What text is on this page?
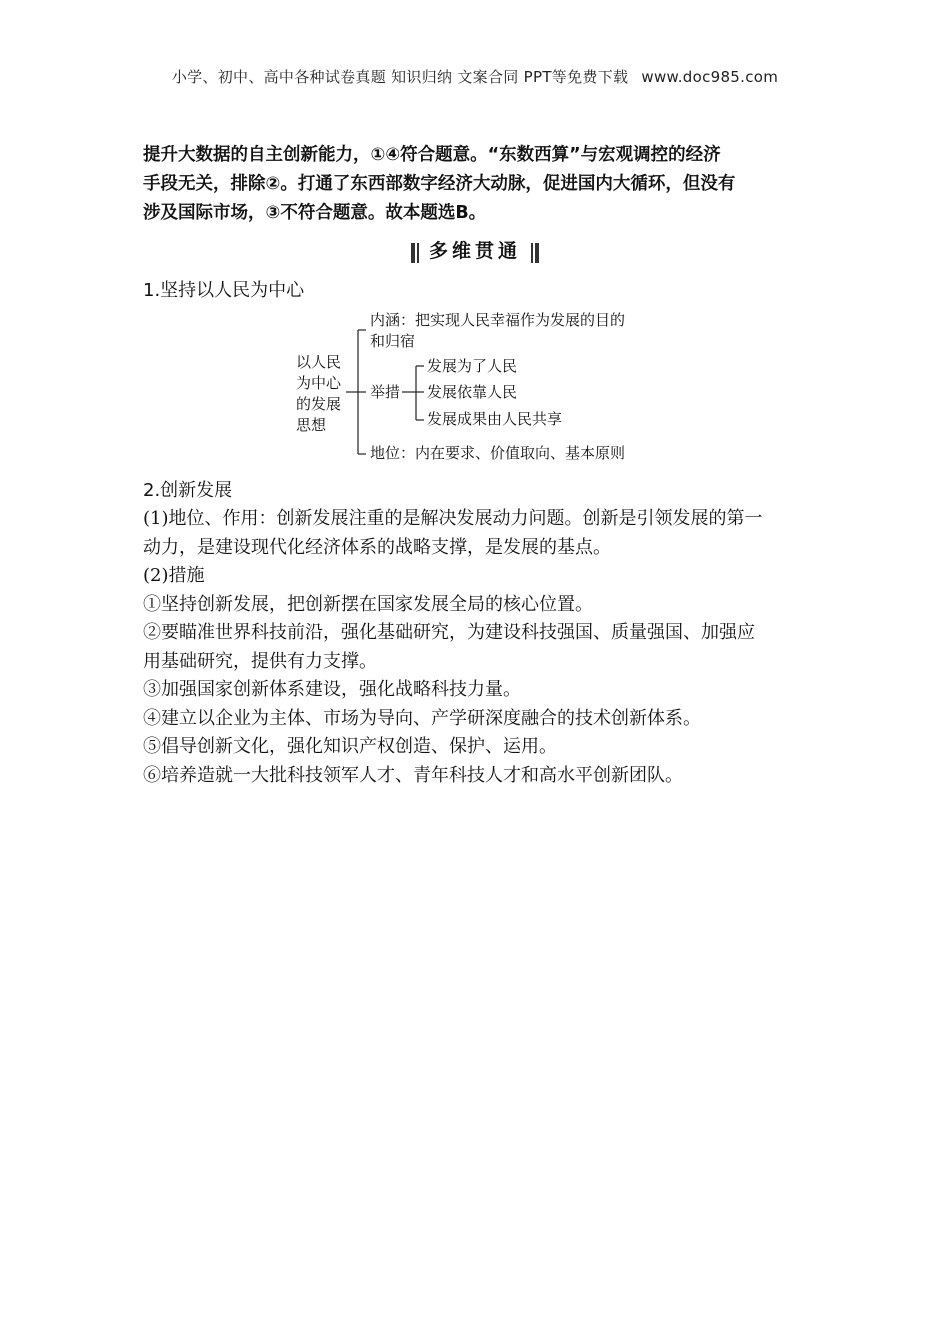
小学、初中、高中各种试卷真题 知识归纳 文案合同 PPT等免费下载 www.doc985.com
提升大数据的自主创新能力，①④符合题意。“东数西算”与宏观调控的经济
手段无关，排除②。打通了东西部数字经济大动脉，促进国内大循环，但没有
涉及国际市场，③不符合题意。故本题选B。
多维贯通
1.坚持以人民为中心
以人民
为中心
的发展
思想
内涵：把实现人民幸福作为发展的目的
和归宿
举措
发展为了人民
发展依靠人民
发展成果由人民共享
地位：内在要求、价值取向、基本原则
2.创新发展
(1)地位、作用：创新发展注重的是解决发展动力问题。创新是引领发展的第一
动力，是建设现代化经济体系的战略支撑，是发展的基点。
(2)措施
①坚持创新发展，把创新摆在国家发展全局的核心位置。
②要瞄准世界科技前沿，强化基础研究，为建设科技强国、质量强国、加强应
用基础研究，提供有力支撑。
③加强国家创新体系建设，强化战略科技力量。
④建立以企业为主体、市场为导向、产学研深度融合的技术创新体系。
⑤倡导创新文化，强化知识产权创造、保护、运用。
⑥培养造就一大批科技领军人才、青年科技人才和高水平创新团队。
